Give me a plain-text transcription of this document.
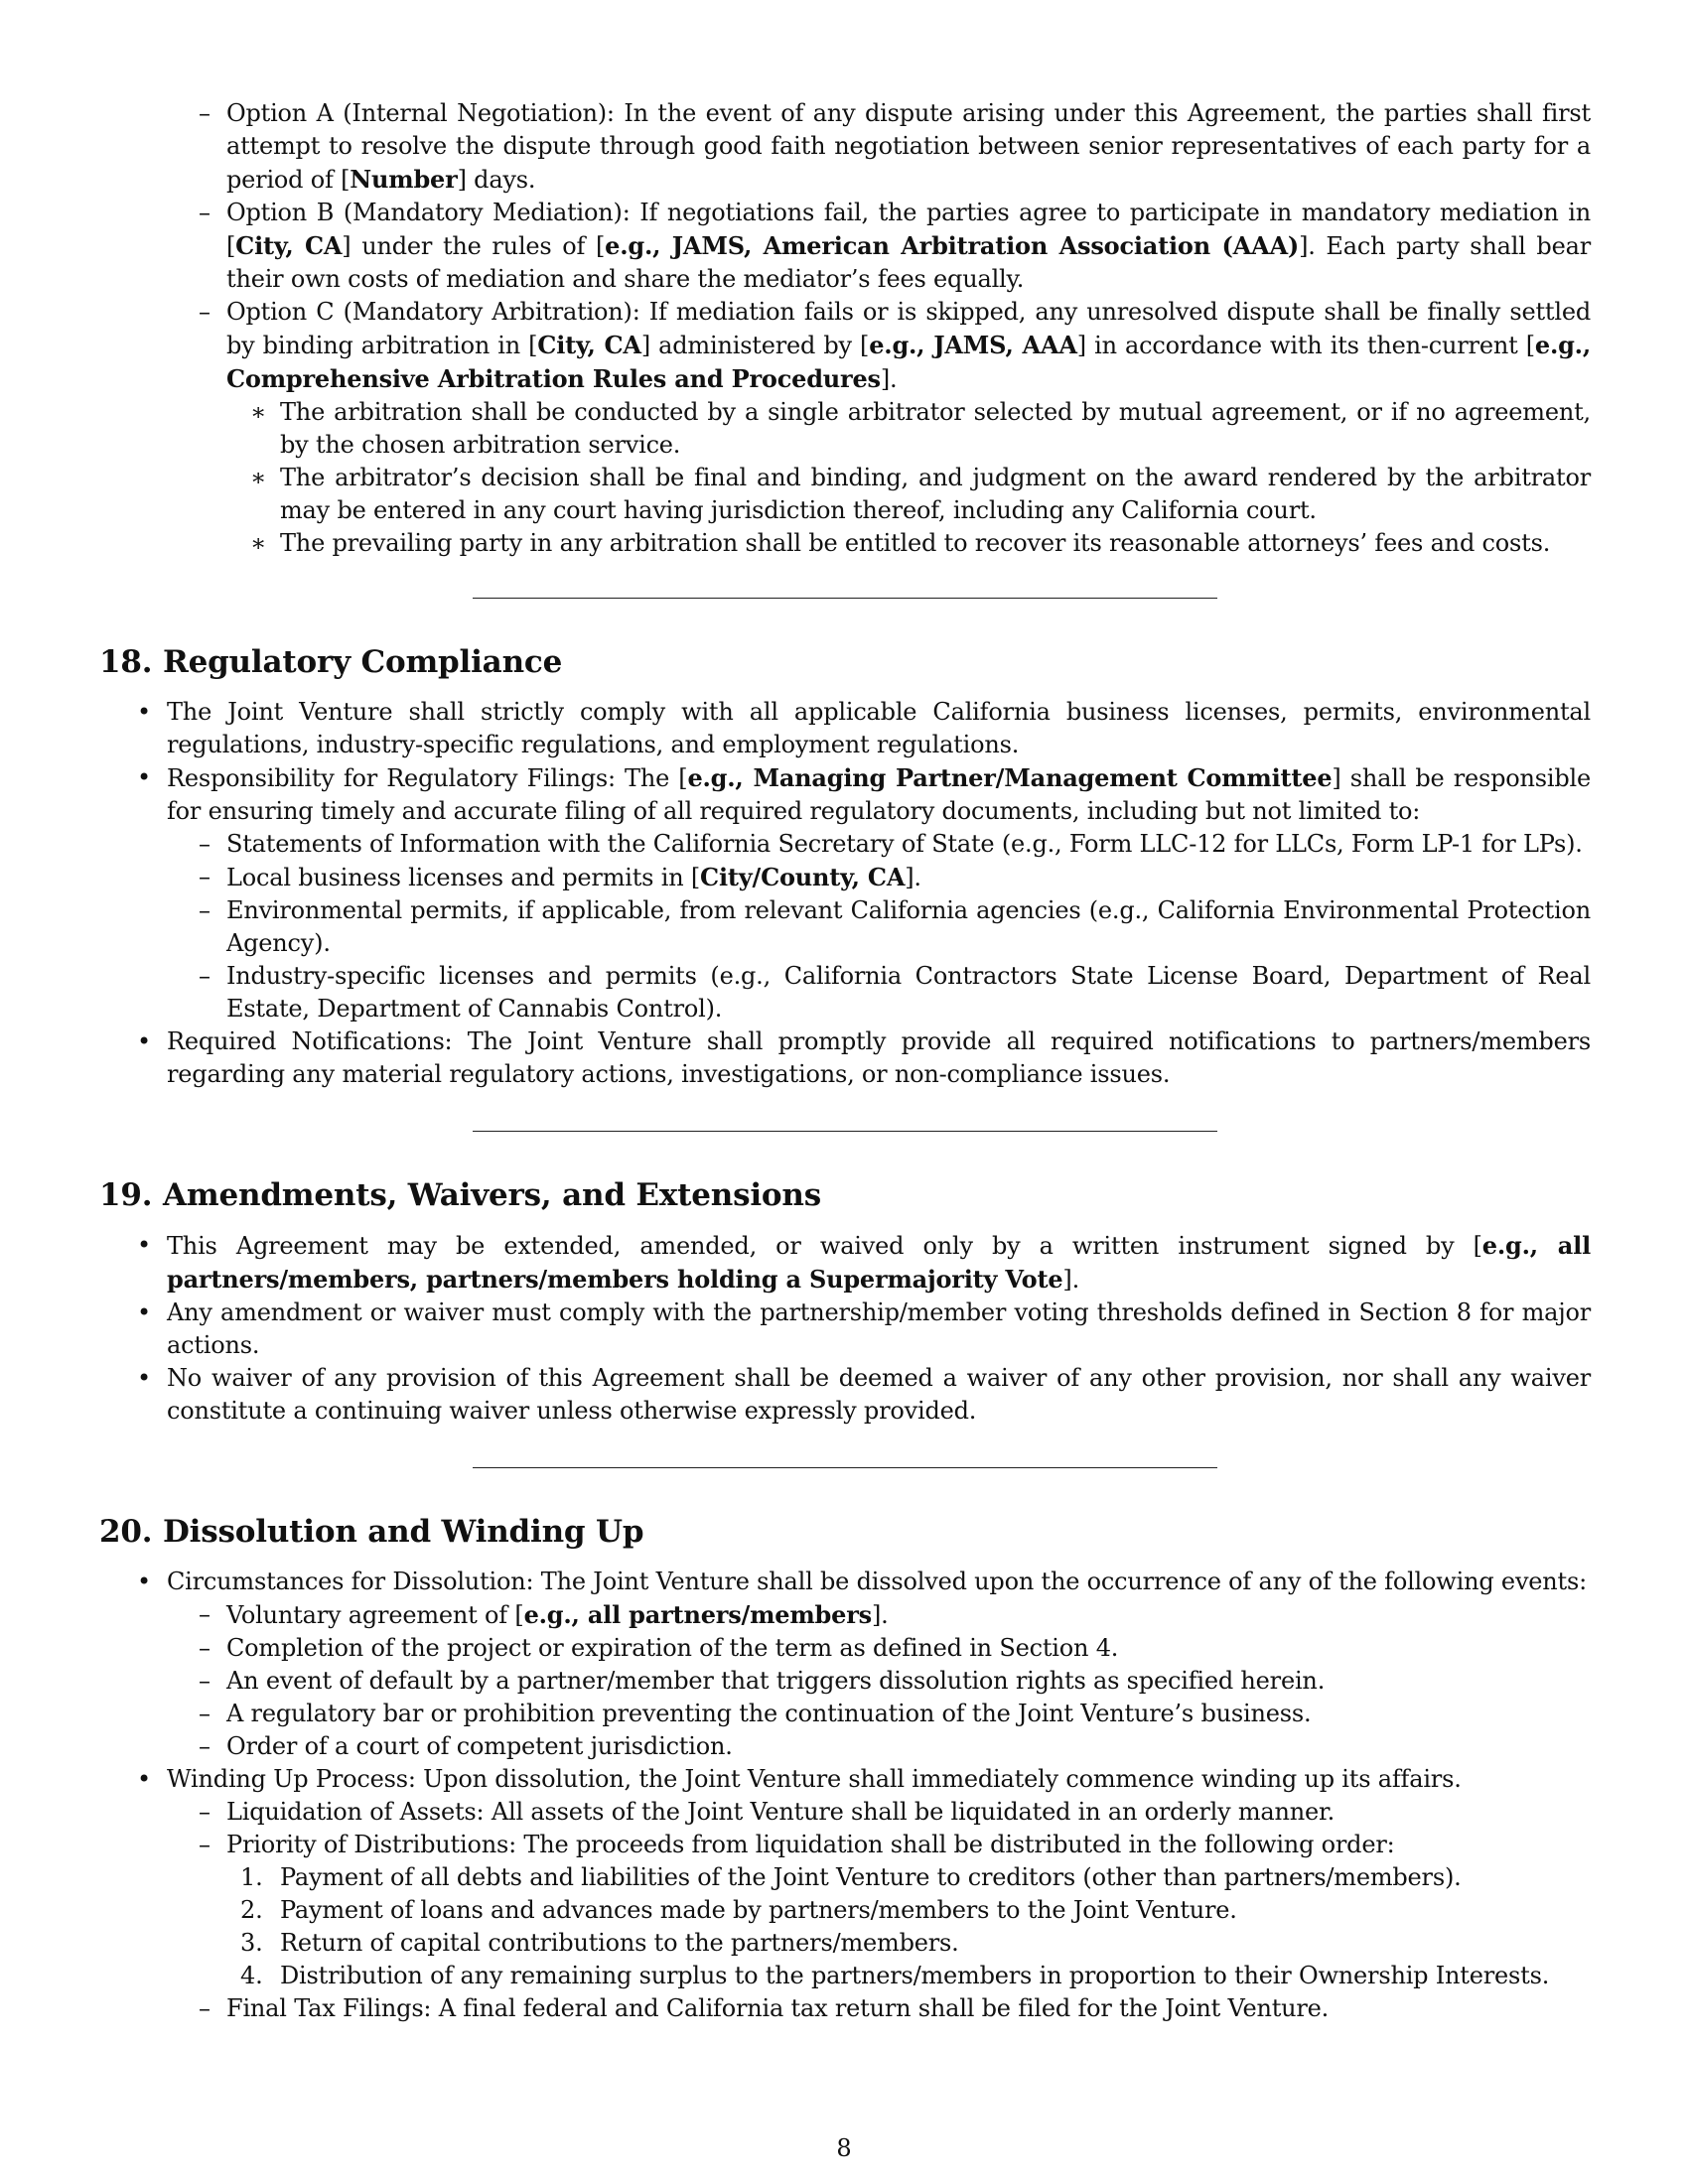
– Option A (Internal Negotiation): In the event of any dispute arising under this Agreement, the parties shall first attempt to resolve the dispute through good faith negotiation between senior representatives of each party for a period of [Number] days.
– Option B (Mandatory Mediation): If negotiations fail, the parties agree to participate in mandatory mediation in [City, CA] under the rules of [e.g., JAMS, American Arbitration Association (AAA)]. Each party shall bear their own costs of mediation and share the mediator’s fees equally.
– Option C (Mandatory Arbitration): If mediation fails or is skipped, any unresolved dispute shall be finally settled by binding arbitration in [City, CA] administered by [e.g., JAMS, AAA] in accordance with its then-current [e.g., Comprehensive Arbitration Rules and Procedures].
∗ The arbitration shall be conducted by a single arbitrator selected by mutual agreement, or if no agreement, by the chosen arbitration service.
∗ The arbitrator’s decision shall be final and binding, and judgment on the award rendered by the arbitrator may be entered in any court having jurisdiction thereof, including any California court.
∗ The prevailing party in any arbitration shall be entitled to recover its reasonable attorneys’ fees and costs.
18. Regulatory Compliance
• The Joint Venture shall strictly comply with all applicable California business licenses, permits, environmental regulations, industry-specific regulations, and employment regulations.
• Responsibility for Regulatory Filings: The [e.g., Managing Partner/Management Committee] shall be responsible for ensuring timely and accurate filing of all required regulatory documents, including but not limited to:
– Statements of Information with the California Secretary of State (e.g., Form LLC-12 for LLCs, Form LP-1 for LPs).
– Local business licenses and permits in [City/County, CA].
– Environmental permits, if applicable, from relevant California agencies (e.g., California Environmental Protection Agency).
– Industry-specific licenses and permits (e.g., California Contractors State License Board, Department of Real Estate, Department of Cannabis Control).
• Required Notifications: The Joint Venture shall promptly provide all required notifications to partners/members regarding any material regulatory actions, investigations, or non-compliance issues.
19. Amendments, Waivers, and Extensions
• This Agreement may be extended, amended, or waived only by a written instrument signed by [e.g., all partners/members, partners/members holding a Supermajority Vote].
• Any amendment or waiver must comply with the partnership/member voting thresholds defined in Section 8 for major actions.
• No waiver of any provision of this Agreement shall be deemed a waiver of any other provision, nor shall any waiver constitute a continuing waiver unless otherwise expressly provided.
20. Dissolution and Winding Up
• Circumstances for Dissolution: The Joint Venture shall be dissolved upon the occurrence of any of the following events:
– Voluntary agreement of [e.g., all partners/members].
– Completion of the project or expiration of the term as defined in Section 4.
– An event of default by a partner/member that triggers dissolution rights as specified herein.
– A regulatory bar or prohibition preventing the continuation of the Joint Venture’s business.
– Order of a court of competent jurisdiction.
• Winding Up Process: Upon dissolution, the Joint Venture shall immediately commence winding up its affairs.
– Liquidation of Assets: All assets of the Joint Venture shall be liquidated in an orderly manner.
– Priority of Distributions: The proceeds from liquidation shall be distributed in the following order:
1. Payment of all debts and liabilities of the Joint Venture to creditors (other than partners/members).
2. Payment of loans and advances made by partners/members to the Joint Venture.
3. Return of capital contributions to the partners/members.
4. Distribution of any remaining surplus to the partners/members in proportion to their Ownership Interests.
– Final Tax Filings: A final federal and California tax return shall be filed for the Joint Venture.
8
